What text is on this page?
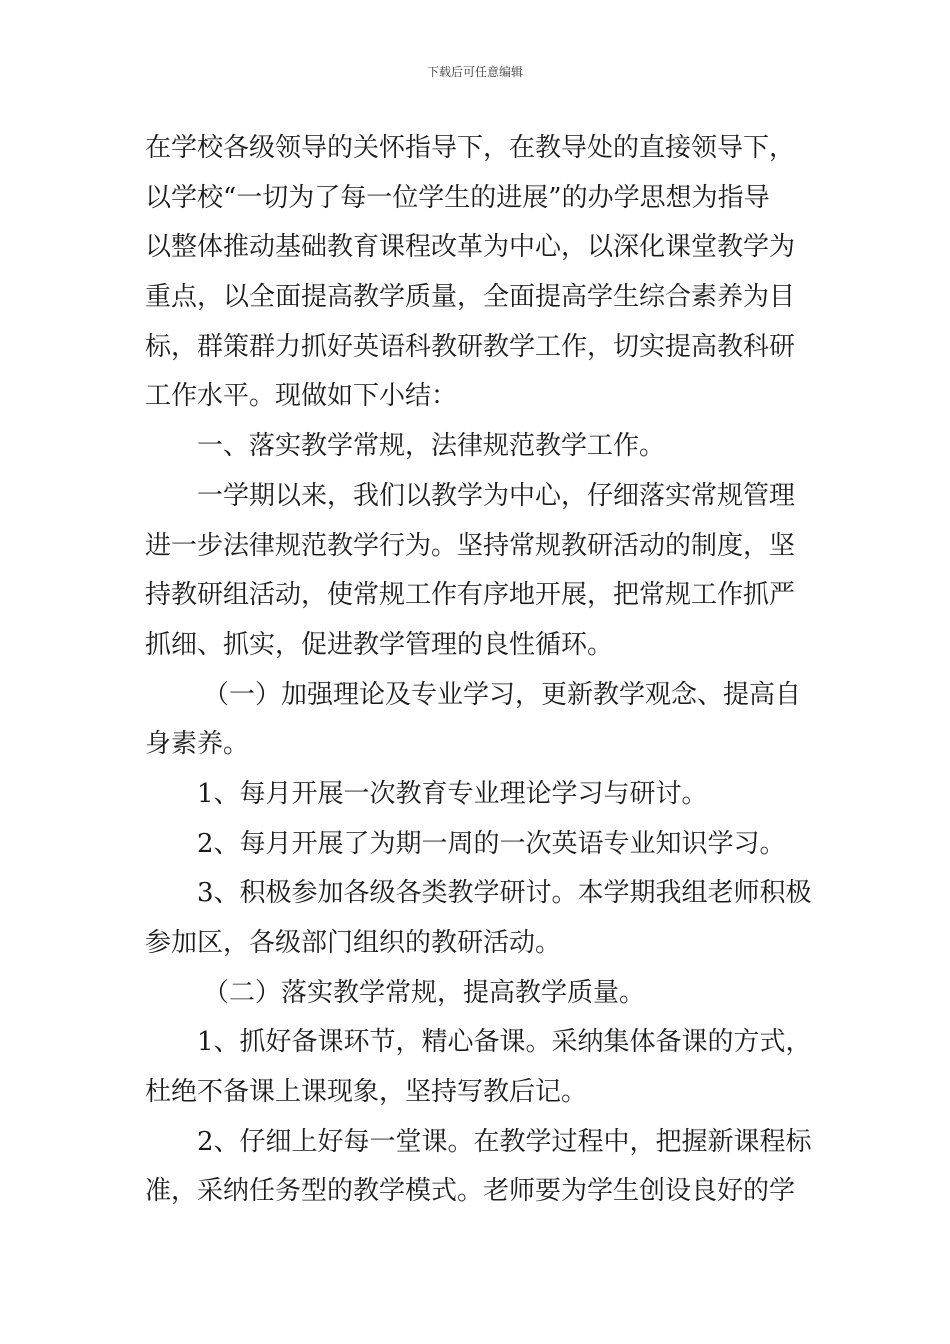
下载后可任意编辑
在学校各级领导的关怀指导下，在教导处的直接领导下，
以学校“一切为了每一位学生的进展”的办学思想为指导
以整体推动基础教育课程改革为中心，以深化课堂教学为
重点，以全面提高教学质量，全面提高学生综合素养为目
标，群策群力抓好英语科教研教学工作，切实提高教科研
工作水平。现做如下小结：
一、落实教学常规，法律规范教学工作。
一学期以来，我们以教学为中心，仔细落实常规管理
进一步法律规范教学行为。坚持常规教研活动的制度，坚
持教研组活动，使常规工作有序地开展，把常规工作抓严
抓细、抓实，促进教学管理的良性循环。
（一）加强理论及专业学习，更新教学观念、提高自
身素养。
1、每月开展一次教育专业理论学习与研讨。
2、每月开展了为期一周的一次英语专业知识学习。
3、积极参加各级各类教学研讨。本学期我组老师积极
参加区，各级部门组织的教研活动。
（二）落实教学常规，提高教学质量。
1、抓好备课环节，精心备课。采纳集体备课的方式，
杜绝不备课上课现象，坚持写教后记。
2、仔细上好每一堂课。在教学过程中，把握新课程标
准，采纳任务型的教学模式。老师要为学生创设良好的学
